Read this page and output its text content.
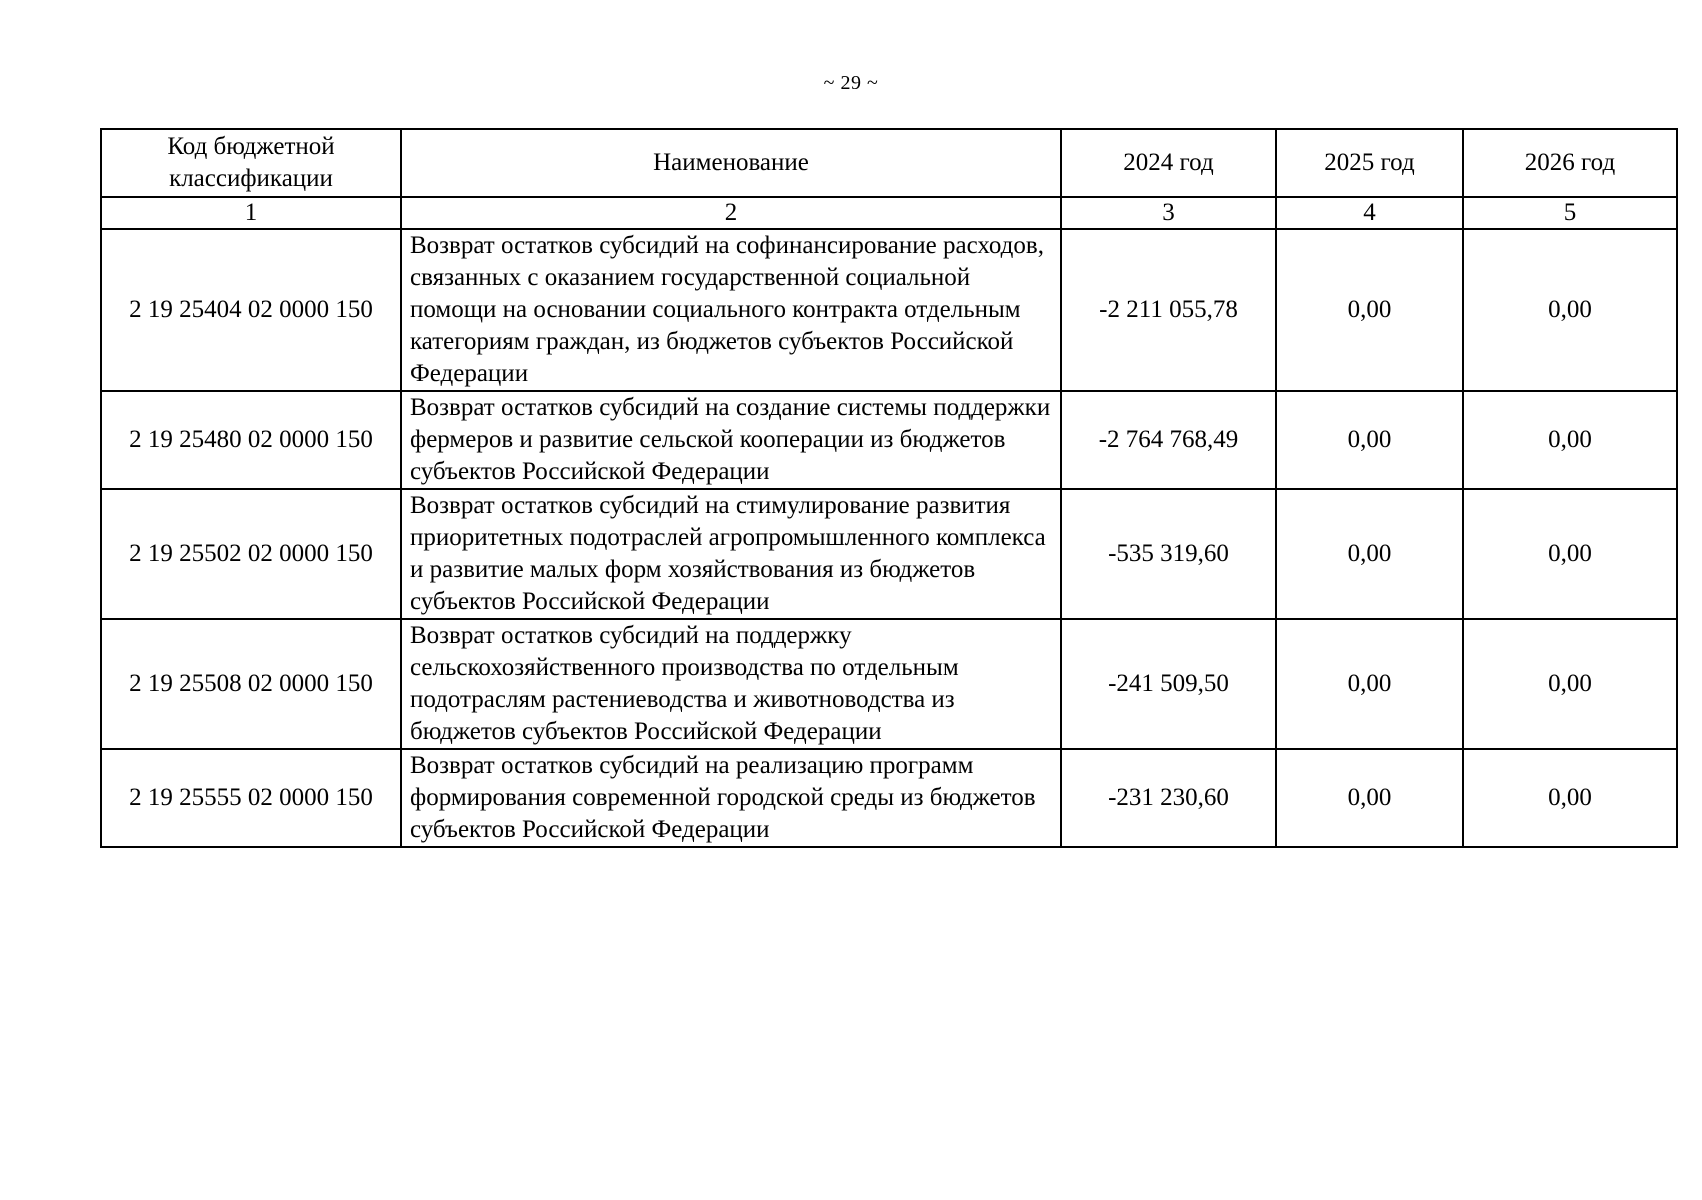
~ 29 ~
Код бюджетной классификации	Наименование	2024 год	2025 год	2026 год
1	2	3	4	5
2 19 25404 02 0000 150	Возврат остатков субсидий на софинансирование расходов, связанных с оказанием государственной социальной помощи на основании социального контракта отдельным категориям граждан, из бюджетов субъектов Российской Федерации	-2 211 055,78	0,00	0,00
2 19 25480 02 0000 150	Возврат остатков субсидий на создание системы поддержки фермеров и развитие сельской кооперации из бюджетов субъектов Российской Федерации	-2 764 768,49	0,00	0,00
2 19 25502 02 0000 150	Возврат остатков субсидий на стимулирование развития приоритетных подотраслей агропромышленного комплекса и развитие малых форм хозяйствования из бюджетов субъектов Российской Федерации	-535 319,60	0,00	0,00
2 19 25508 02 0000 150	Возврат остатков субсидий на поддержку сельскохозяйственного производства по отдельным подотраслям растениеводства и животноводства из бюджетов субъектов Российской Федерации	-241 509,50	0,00	0,00
2 19 25555 02 0000 150	Возврат остатков субсидий на реализацию программ формирования современной городской среды из бюджетов субъектов Российской Федерации	-231 230,60	0,00	0,00
